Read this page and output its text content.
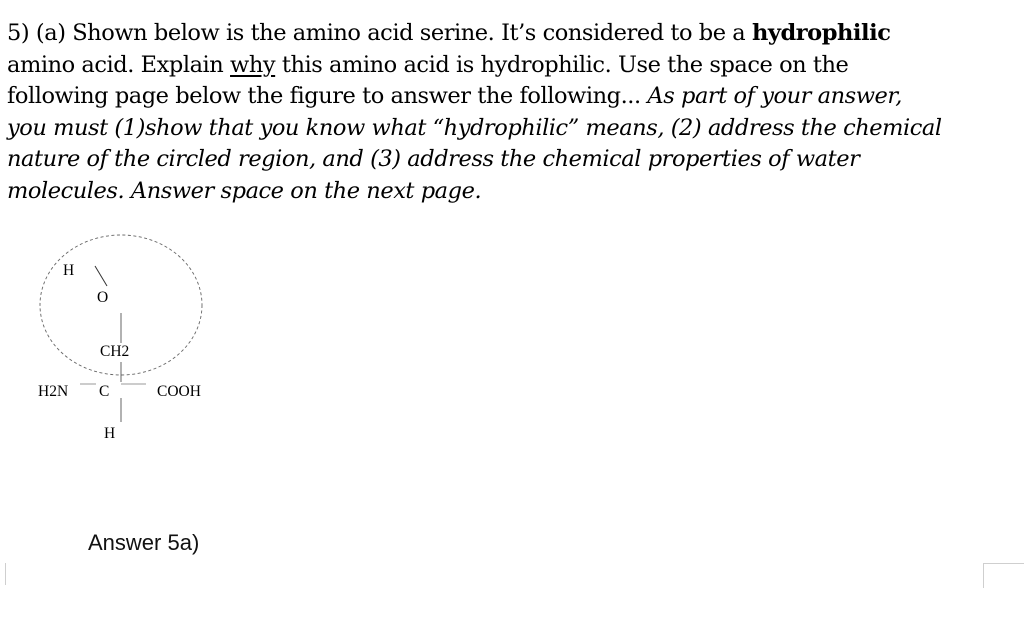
5) (a) Shown below is the amino acid serine. It’s considered to be a hydrophilic
amino acid. Explain why this amino acid is hydrophilic. Use the space on the
following page below the figure to answer the following... As part of your answer,
you must (1)show that you know what “hydrophilic” means, (2) address the chemical
nature of the circled region, and (3) address the chemical properties of water
molecules. Answer space on the next page.
H
O
CH2
H2N C	COOH
H
Answer 5a)
